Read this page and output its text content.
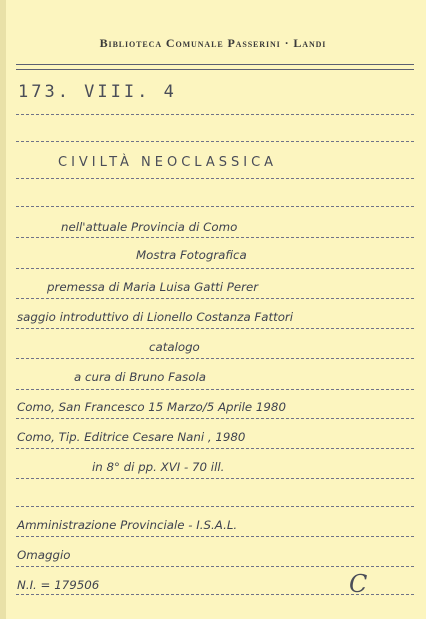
Biblioteca Comunale Passerini · Landi
173. VIII. 4
CIVILTÀ NEOCLASSICA
nell'attuale Provincia di Como
Mostra Fotografica
premessa di Maria Luisa Gatti Perer
saggio introduttivo di Lionello Costanza Fattori
catalogo
a cura di Bruno Fasola
Como, San Francesco 15 Marzo/5 Aprile 1980
Como, Tip. Editrice Cesare Nani , 1980
in 8° di pp. XVI - 70 ill.
Amministrazione Provinciale - I.S.A.L.
Omaggio
N.I. = 179506	C
